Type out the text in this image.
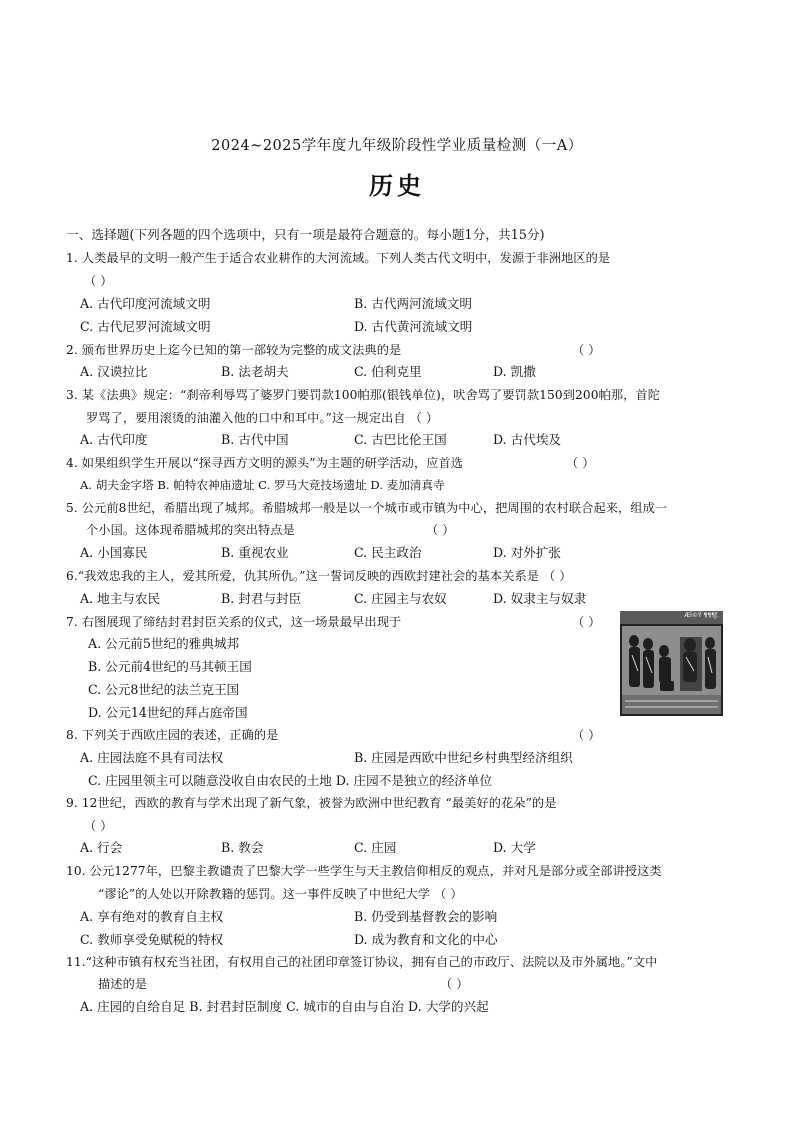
2024~2025学年度九年级阶段性学业质量检测（一A）
历史
一、选择题(下列各题的四个选项中，只有一项是最符合题意的。每小题1分，共15分)
1. 人类最早的文明一般产生于适合农业耕作的大河流域。下列人类古代文明中，发源于非洲地区的是
（ ）
A. 古代印度河流域文明	B. 古代两河流域文明
C. 古代尼罗河流域文明	D. 古代黄河流域文明
2. 颁布世界历史上迄今已知的第一部较为完整的成文法典的是	（ ）
A. 汉谟拉比	B. 法老胡夫	C. 伯利克里	D. 凯撒
3. 某《法典》规定：“刹帝利辱骂了婆罗门要罚款100帕那(银钱单位)，吠舍骂了要罚款150到200帕那，首陀
罗骂了，要用滚烫的油灌入他的口中和耳中。”这一规定出自 （ ）
A. 古代印度	B. 古代中国	C. 古巴比伦王国	D. 古代埃及
4. 如果组织学生开展以“探寻西方文明的源头”为主题的研学活动，应首选	（ ）
A. 胡夫金字塔 B. 帕特农神庙遗址 C. 罗马大竞技场遗址 D. 麦加清真寺
5. 公元前8世纪，希腊出现了城邦。希腊城邦一般是以一个城市或市镇为中心，把周围的农村联合起来，组成一
个小国。这体现希腊城邦的突出特点是	（ ）
A. 小国寡民	B. 重视农业	C. 民主政治	D. 对外扩张
6.“我效忠我的主人，爱其所爱，仇其所仇。”这一誓词反映的西欧封建社会的基本关系是 （ ）
A. 地主与农民	B. 封君与封臣	C. 庄园主与农奴	D. 奴隶主与奴隶
7. 右图展现了缔结封君封臣关系的仪式，这一场景最早出现于	（ ）
A. 公元前5世纪的雅典城邦
B. 公元前4世纪的马其顿王国
C. 公元8世纪的法兰克王国
D. 公元14世纪的拜占庭帝国
ÆÎ©Ÿ ¶¶¶ƒ.
8. 下列关于西欧庄园的表述，正确的是	（ ）
A. 庄园法庭不具有司法权	B. 庄园是西欧中世纪乡村典型经济组织
C. 庄园里领主可以随意没收自由农民的土地 D. 庄园不是独立的经济单位
9. 12世纪，西欧的教育与学术出现了新气象，被誉为欧洲中世纪教育 “最美好的花朵”的是
（ ）
A. 行会	B. 教会	C. 庄园	D. 大学
10. 公元1277年，巴黎主教谴责了巴黎大学一些学生与天主教信仰相反的观点，并对凡是部分或全部讲授这类
“谬论”的人处以开除教籍的惩罚。这一事件反映了中世纪大学 （ ）
A. 享有绝对的教育自主权	B. 仍受到基督教会的影响
C. 教师享受免赋税的特权	D. 成为教育和文化的中心
11.“这种市镇有权充当社团，有权用自己的社团印章签订协议，拥有自己的市政厅、法院以及市外属地。”文中
描述的是	（ ）
A. 庄园的自给自足 B. 封君封臣制度 C. 城市的自由与自治 D. 大学的兴起
